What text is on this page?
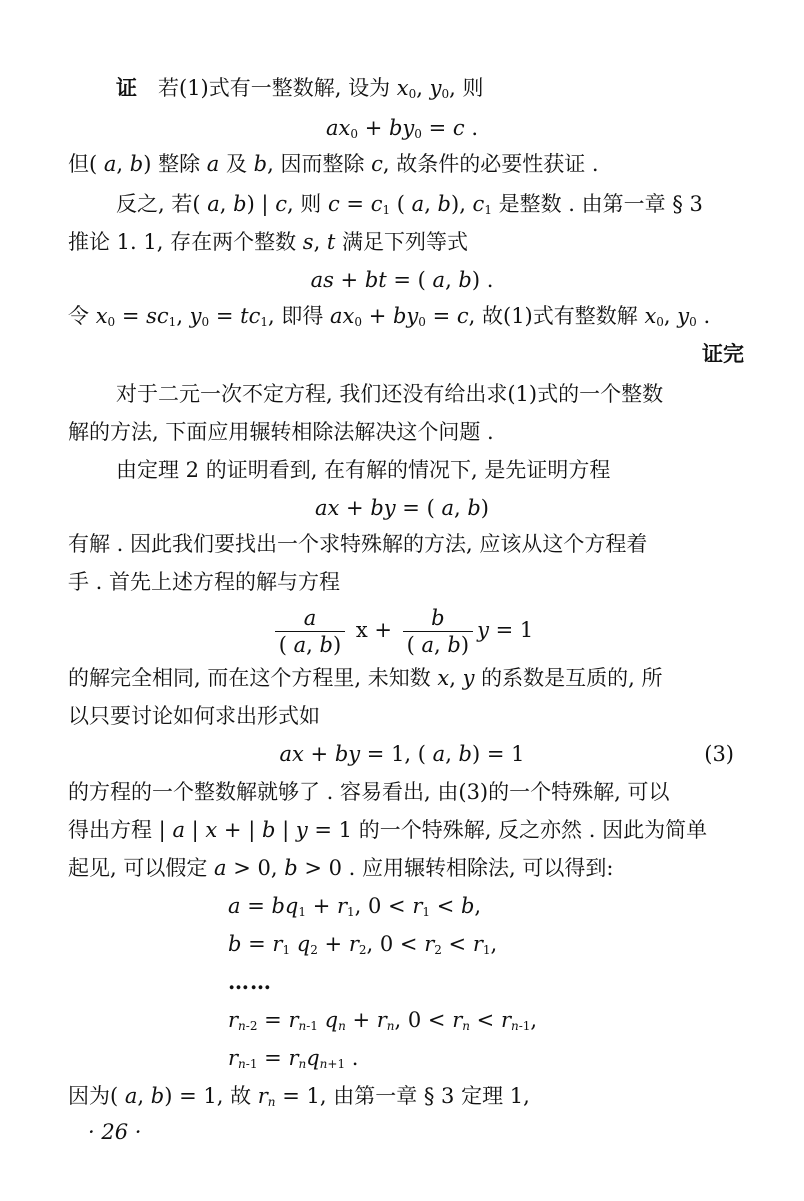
证　若(1)式有一整数解, 设为 $x_0$, $y_0$, 则
$ax_0 + by_0 = c$ .
但( a, b) 整除 a 及 b, 因而整除 c, 故条件的必要性获证 .
反之, 若( a, b) | c, 则 $c = c_1$ ( a, b), $c_1$ 是整数 . 由第一章 § 3
推论 1. 1, 存在两个整数 s, t 满足下列等式
as + bt = ( a, b) .
令 $x_0 = sc_1$, $y_0 = tc_1$, 即得 $ax_0 + by_0 = c$, 故(1)式有整数解 $x_0$, $y_0$ .
证完
对于二元一次不定方程, 我们还没有给出求(1)式的一个整数
解的方法, 下面应用辗转相除法解决这个问题 .
由定理 2 的证明看到, 在有解的情况下, 是先证明方程
ax + by = ( a, b)
有解 . 因此我们要找出一个求特殊解的方法, 应该从这个方程着
手 . 首先上述方程的解与方程
$\frac{a}{( a, b)}$ $x + \frac{b}{( a, b)}$ y = 1
的解完全相同, 而在这个方程里, 未知数 x, y 的系数是互质的, 所
以只要讨论如何求出形式如
ax + by = 1, ( a, b) = 1	(3)
的方程的一个整数解就够了 . 容易看出, 由(3)的一个特殊解, 可以
得出方程 | a | x + | b | y = 1 的一个特殊解, 反之亦然 . 因此为简单
起见, 可以假定 a > 0, b > 0 . 应用辗转相除法, 可以得到:
$a = bq_1 + r_1$, $0 < r_1 < b$,
$b = r_1$ $q_2 + r_2$, $0 < r_2 < r_1$,
……
$r_{n-2} = r_{n-1}$ $q_n + r_n$, $0 < r_n < r_{n-1}$,
$r_{n-1} = r_nq_{n+1}$ .
因为( a, b) = 1, 故 $r_n = 1$, 由第一章 § 3 定理 1,
· 26 ·
